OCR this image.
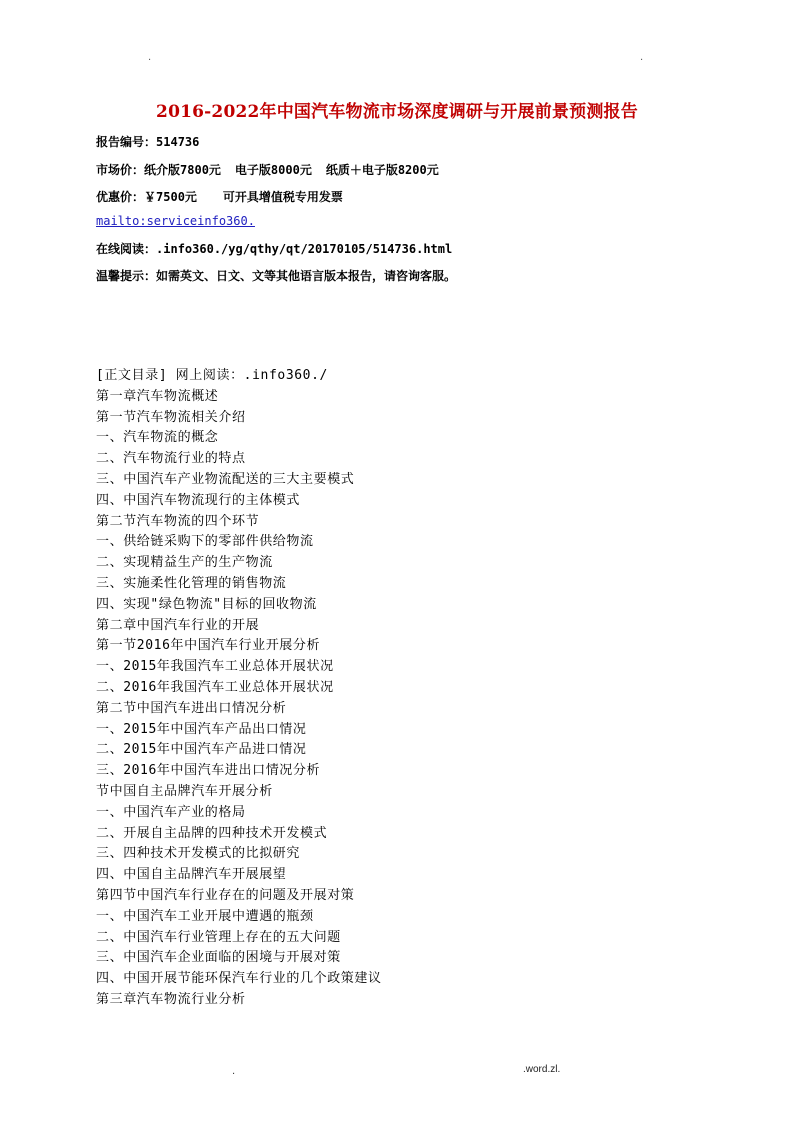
.	.
2016-2022年中国汽车物流市场深度调研与开展前景预测报告
报告编号：514736
市场价：纸介版7800元 电子版8000元 纸质＋电子版8200元
优惠价：￥7500元 可开具增值税专用发票
mailto:serviceinfo360.
在线阅读：.info360./yg/qthy/qt/20170105/514736.html
温馨提示：如需英文、日文、文等其他语言版本报告，请咨询客服。
[正文目录] 网上阅读：.info360./
第一章汽车物流概述
第一节汽车物流相关介绍
一、汽车物流的概念
二、汽车物流行业的特点
三、中国汽车产业物流配送的三大主要模式
四、中国汽车物流现行的主体模式
第二节汽车物流的四个环节
一、供给链采购下的零部件供给物流
二、实现精益生产的生产物流
三、实施柔性化管理的销售物流
四、实现"绿色物流"目标的回收物流
第二章中国汽车行业的开展
第一节2016年中国汽车行业开展分析
一、2015年我国汽车工业总体开展状况
二、2016年我国汽车工业总体开展状况
第二节中国汽车进出口情况分析
一、2015年中国汽车产品出口情况
二、2015年中国汽车产品进口情况
三、2016年中国汽车进出口情况分析
节中国自主品牌汽车开展分析
一、中国汽车产业的格局
二、开展自主品牌的四种技术开发模式
三、四种技术开发模式的比拟研究
四、中国自主品牌汽车开展展望
第四节中国汽车行业存在的问题及开展对策
一、中国汽车工业开展中遭遇的瓶颈
二、中国汽车行业管理上存在的五大问题
三、中国汽车企业面临的困境与开展对策
四、中国开展节能环保汽车行业的几个政策建议
第三章汽车物流行业分析
.	.word.zl.
